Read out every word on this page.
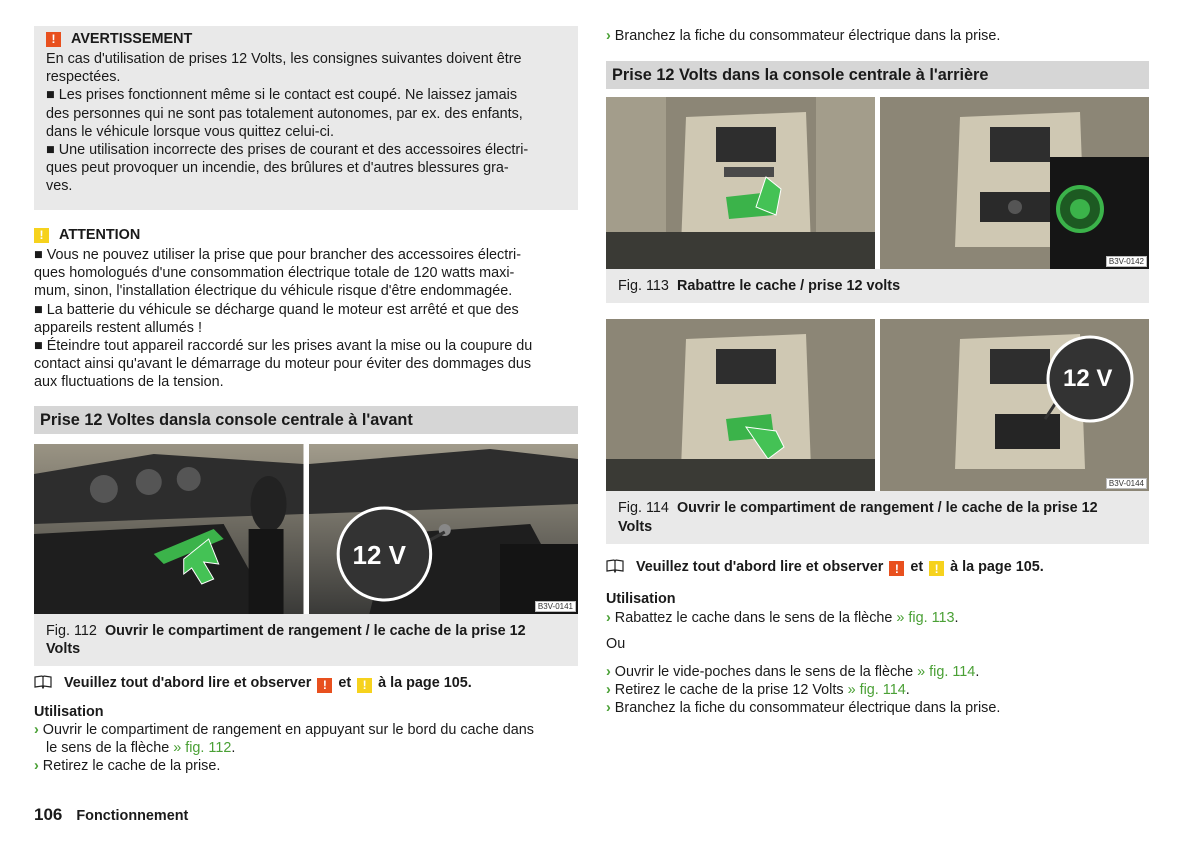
!	AVERTISSEMENT

En cas d'utilisation de prises 12 Volts, les consignes suivantes doivent être

respectées.

■ Les prises fonctionnent même si le contact est coupé. Ne laissez jamais

des personnes qui ne sont pas totalement autonomes, par ex. des enfants,

dans le véhicule lorsque vous quittez celui-ci.

■ Une utilisation incorrecte des prises de courant et des accessoires électri-

ques peut provoquer un incendie, des brûlures et d'autres blessures gra-

ves.

!	ATTENTION

■ Vous ne pouvez utiliser la prise que pour brancher des accessoires électri-

ques homologués d'une consommation électrique totale de 120 watts maxi-

mum, sinon, l'installation électrique du véhicule risque d'être endommagée.

■ La batterie du véhicule se décharge quand le moteur est arrêté et que des

appareils restent allumés !

■ Éteindre tout appareil raccordé sur les prises avant la mise ou la coupure du

contact ainsi qu'avant le démarrage du moteur pour éviter des dommages dus

aux fluctuations de la tension.

Prise 12 Voltes dansla console centrale à l'avant
12 V
B3V-0141
Fig. 112 Ouvrir le compartiment de rangement / le cache de la prise 12
Volts
Veuillez tout d'abord lire et observer ! et ! à la page 105.
Utilisation
› Ouvrir le compartiment de rangement en appuyant sur le bord du cache dans
le sens de la flèche » fig. 112.
› Retirez le cache de la prise.
› Branchez la fiche du consommateur électrique dans la prise.
Prise 12 Volts dans la console centrale à l'arrière
B3V-0142
Fig. 113 Rabattre le cache / prise 12 volts
12 V
B3V-0144
Fig. 114 Ouvrir le compartiment de rangement / le cache de la prise 12
Volts
Veuillez tout d'abord lire et observer ! et ! à la page 105.
Utilisation
› Rabattez le cache dans le sens de la flèche » fig. 113.
Ou
› Ouvrir le vide-poches dans le sens de la flèche » fig. 114.
› Retirez le cache de la prise 12 Volts » fig. 114.
› Branchez la fiche du consommateur électrique dans la prise.
106 Fonctionnement
